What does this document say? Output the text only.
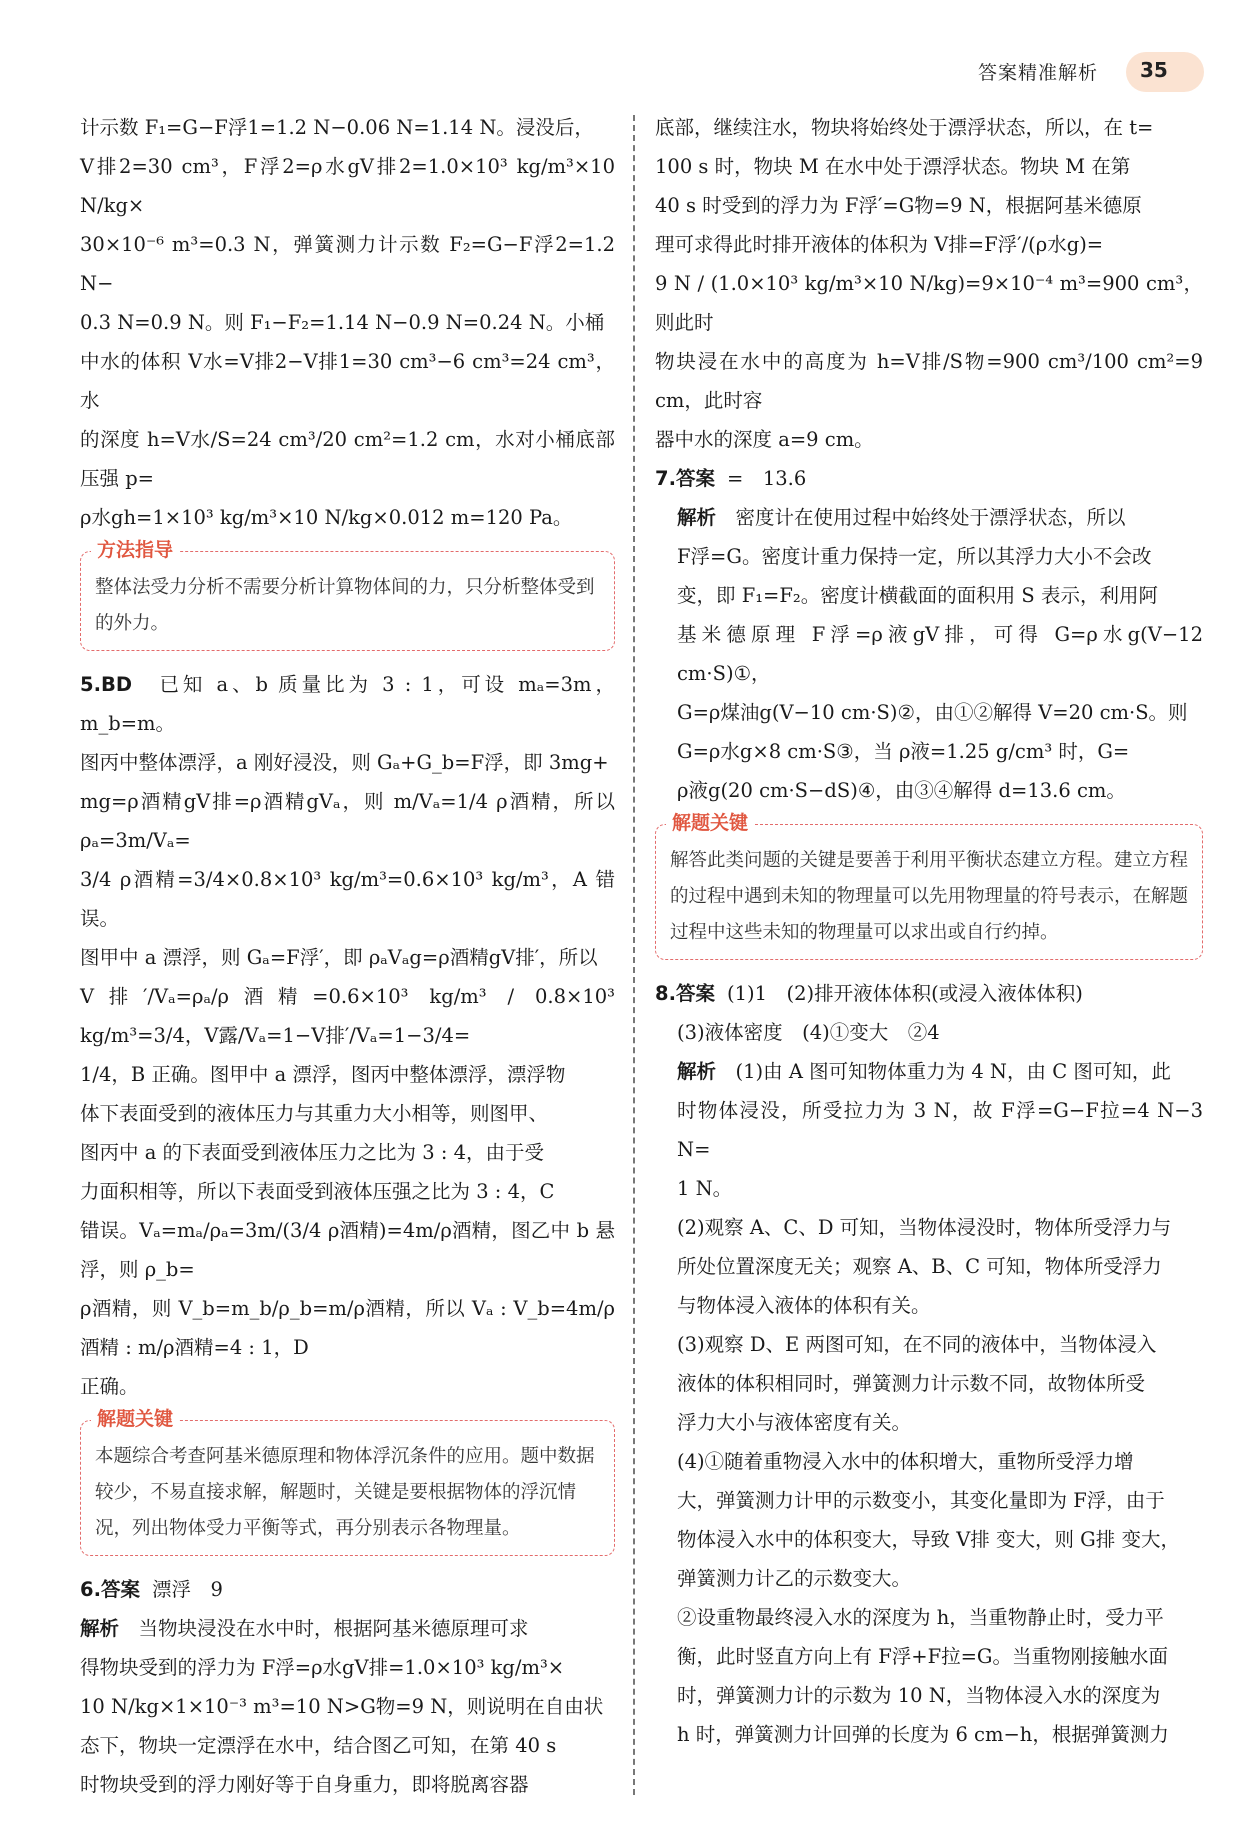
答案精准解析 35

计示数 F₁=G−F浮1=1.2 N−0.06 N=1.14 N。浸没后，

V排2=30 cm³，F浮2=ρ水gV排2=1.0×10³ kg/m³×10 N/kg×

30×10⁻⁶ m³=0.3 N，弹簧测力计示数 F₂=G−F浮2=1.2 N−

0.3 N=0.9 N。则 F₁−F₂=1.14 N−0.9 N=0.24 N。小桶

中水的体积 V水=V排2−V排1=30 cm³−6 cm³=24 cm³，水

的深度 h=V水/S=24 cm³/20 cm²=1.2 cm，水对小桶底部压强 p=

ρ水gh=1×10³ kg/m³×10 N/kg×0.012 m=120 Pa。

方法指导
整体法受力分析不需要分析计算物体间的力，只分析整体受到的外力。

5.BD　 已知 a、b 质量比为 3 : 1，可设 mₐ=3m，m_b=m。

图丙中整体漂浮，a 刚好浸没，则 Gₐ+G_b=F浮，即 3mg+

mg=ρ酒精gV排=ρ酒精gVₐ，则 m/Vₐ=1/4 ρ酒精，所以 ρₐ=3m/Vₐ=

3/4 ρ酒精=3/4×0.8×10³ kg/m³=0.6×10³ kg/m³，A 错误。

图甲中 a 漂浮，则 Gₐ=F浮′，即 ρₐVₐg=ρ酒精gV排′，所以

V排′/Vₐ=ρₐ/ρ酒精=0.6×10³ kg/m³ / 0.8×10³ kg/m³=3/4，V露/Vₐ=1−V排′/Vₐ=1−3/4=

1/4，B 正确。图甲中 a 漂浮，图丙中整体漂浮，漂浮物

体下表面受到的液体压力与其重力大小相等，则图甲、

图丙中 a 的下表面受到液体压力之比为 3 : 4，由于受

力面积相等，所以下表面受到液体压强之比为 3 : 4，C

错误。Vₐ=mₐ/ρₐ=3m/(3/4 ρ酒精)=4m/ρ酒精，图乙中 b 悬浮，则 ρ_b=

ρ酒精，则 V_b=m_b/ρ_b=m/ρ酒精，所以 Vₐ : V_b=4m/ρ酒精 : m/ρ酒精=4 : 1，D

正确。

解题关键
本题综合考查阿基米德原理和物体浮沉条件的应用。题中数据较少，不易直接求解，解题时，关键是要根据物体的浮沉情况，列出物体受力平衡等式，再分别表示各物理量。

6.答案 漂浮　9

解析　 当物块浸没在水中时，根据阿基米德原理可求

得物块受到的浮力为 F浮=ρ水gV排=1.0×10³ kg/m³×

10 N/kg×1×10⁻³ m³=10 N>G物=9 N，则说明在自由状

态下，物块一定漂浮在水中，结合图乙可知，在第 40 s

时物块受到的浮力刚好等于自身重力，即将脱离容器

底部，继续注水，物块将始终处于漂浮状态，所以，在 t=

100 s 时，物块 M 在水中处于漂浮状态。物块 M 在第

40 s 时受到的浮力为 F浮′=G物=9 N，根据阿基米德原

理可求得此时排开液体的体积为 V排=F浮′/(ρ水g)=

9 N / (1.0×10³ kg/m³×10 N/kg)=9×10⁻⁴ m³=900 cm³，则此时

物块浸在水中的高度为 h=V排/S物=900 cm³/100 cm²=9 cm，此时容

器中水的深度 a=9 cm。

7.答案 =　13.6

解析　 密度计在使用过程中始终处于漂浮状态，所以

F浮=G。密度计重力保持一定，所以其浮力大小不会改

变，即 F₁=F₂。密度计横截面的面积用 S 表示，利用阿

基米德原理 F浮=ρ液gV排，可得 G=ρ水g(V−12 cm·S)①，

G=ρ煤油g(V−10 cm·S)②，由①②解得 V=20 cm·S。则

G=ρ水g×8 cm·S③，当 ρ液=1.25 g/cm³ 时，G=

ρ液g(20 cm·S−dS)④，由③④解得 d=13.6 cm。

解题关键
解答此类问题的关键是要善于利用平衡状态建立方程。建立方程的过程中遇到未知的物理量可以先用物理量的符号表示，在解题过程中这些未知的物理量可以求出或自行约掉。

8.答案 (1)1　(2)排开液体体积(或浸入液体体积)

(3)液体密度　(4)①变大　②4

解析　 (1)由 A 图可知物体重力为 4 N，由 C 图可知，此

时物体浸没，所受拉力为 3 N，故 F浮=G−F拉=4 N−3 N=

1 N。

(2)观察 A、C、D 可知，当物体浸没时，物体所受浮力与

所处位置深度无关；观察 A、B、C 可知，物体所受浮力

与物体浸入液体的体积有关。

(3)观察 D、E 两图可知，在不同的液体中，当物体浸入

液体的体积相同时，弹簧测力计示数不同，故物体所受

浮力大小与液体密度有关。

(4)①随着重物浸入水中的体积增大，重物所受浮力增

大，弹簧测力计甲的示数变小，其变化量即为 F浮，由于

物体浸入水中的体积变大，导致 V排 变大，则 G排 变大，

弹簧测力计乙的示数变大。

②设重物最终浸入水的深度为 h，当重物静止时，受力平

衡，此时竖直方向上有 F浮+F拉=G。当重物刚接触水面

时，弹簧测力计的示数为 10 N，当物体浸入水的深度为

h 时，弹簧测力计回弹的长度为 6 cm−h，根据弹簧测力
